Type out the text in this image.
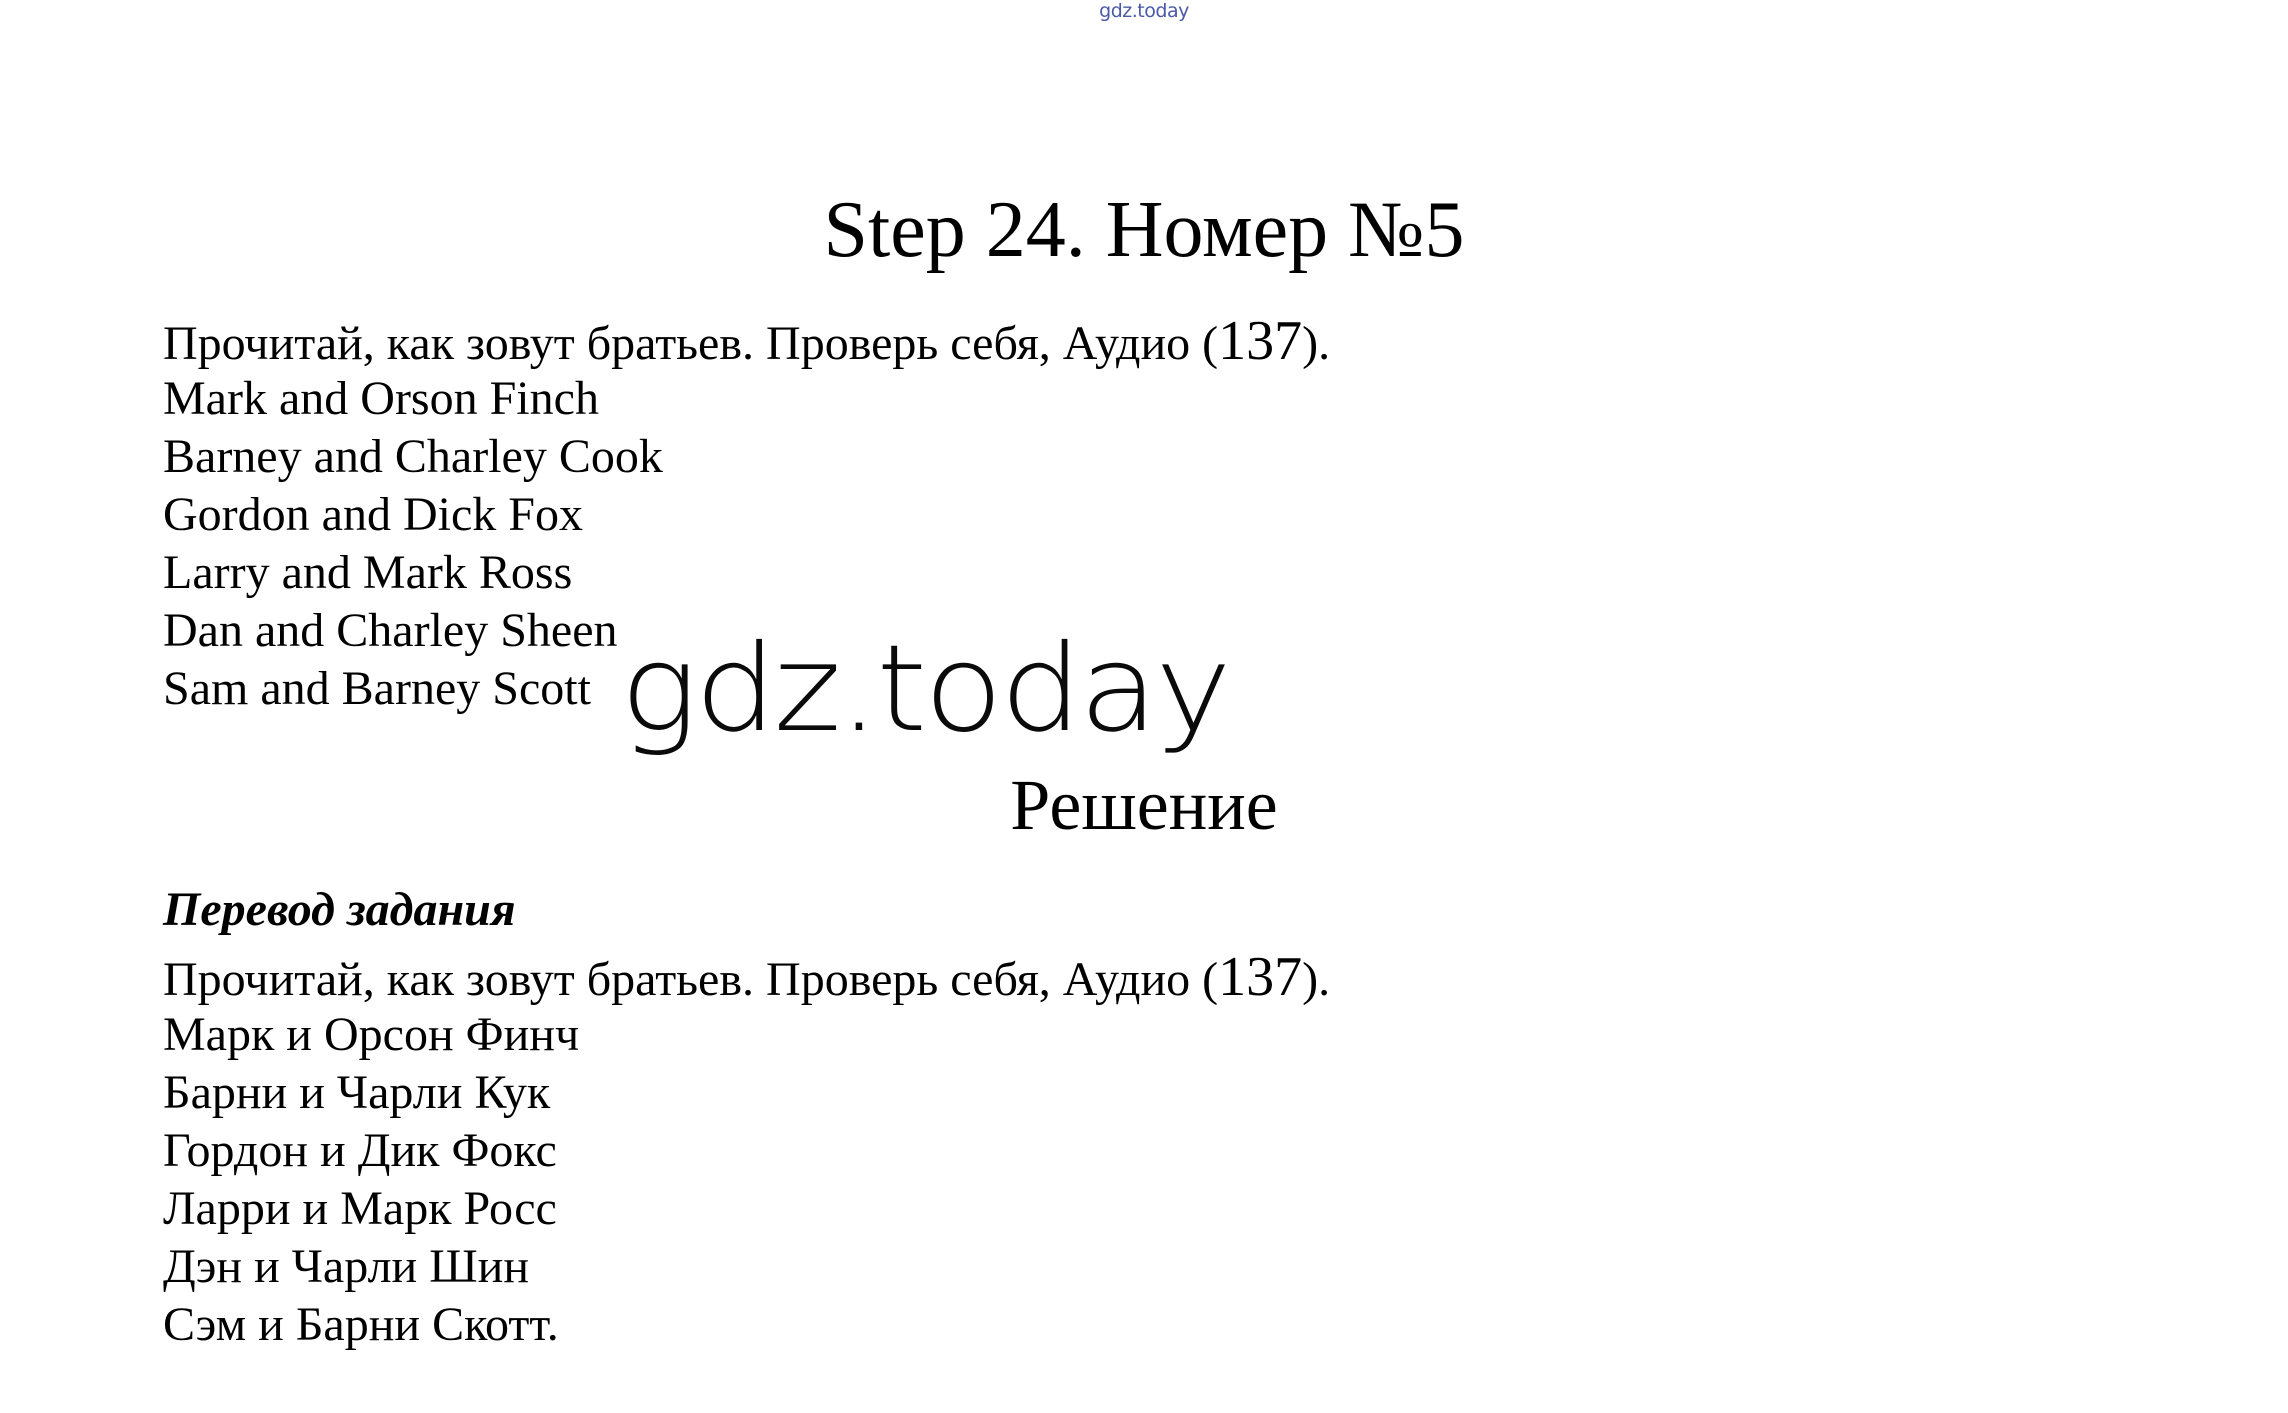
gdz.today
Step 24. Номер №5
Прочитай, как зовут братьев. Проверь себя, Аудио (137).
Mark and Orson Finch
Barney and Charley Cook
Gordon and Dick Fox
Larry and Mark Ross
Dan and Charley Sheen
Sam and Barney Scott gdz.today
Решение
Перевод задания
Прочитай, как зовут братьев. Проверь себя, Аудио (137).
Марк и Орсон Финч
Барни и Чарли Кук
Гордон и Дик Фокс
Ларри и Марк Росс
Дэн и Чарли Шин
Сэм и Барни Скотт.
